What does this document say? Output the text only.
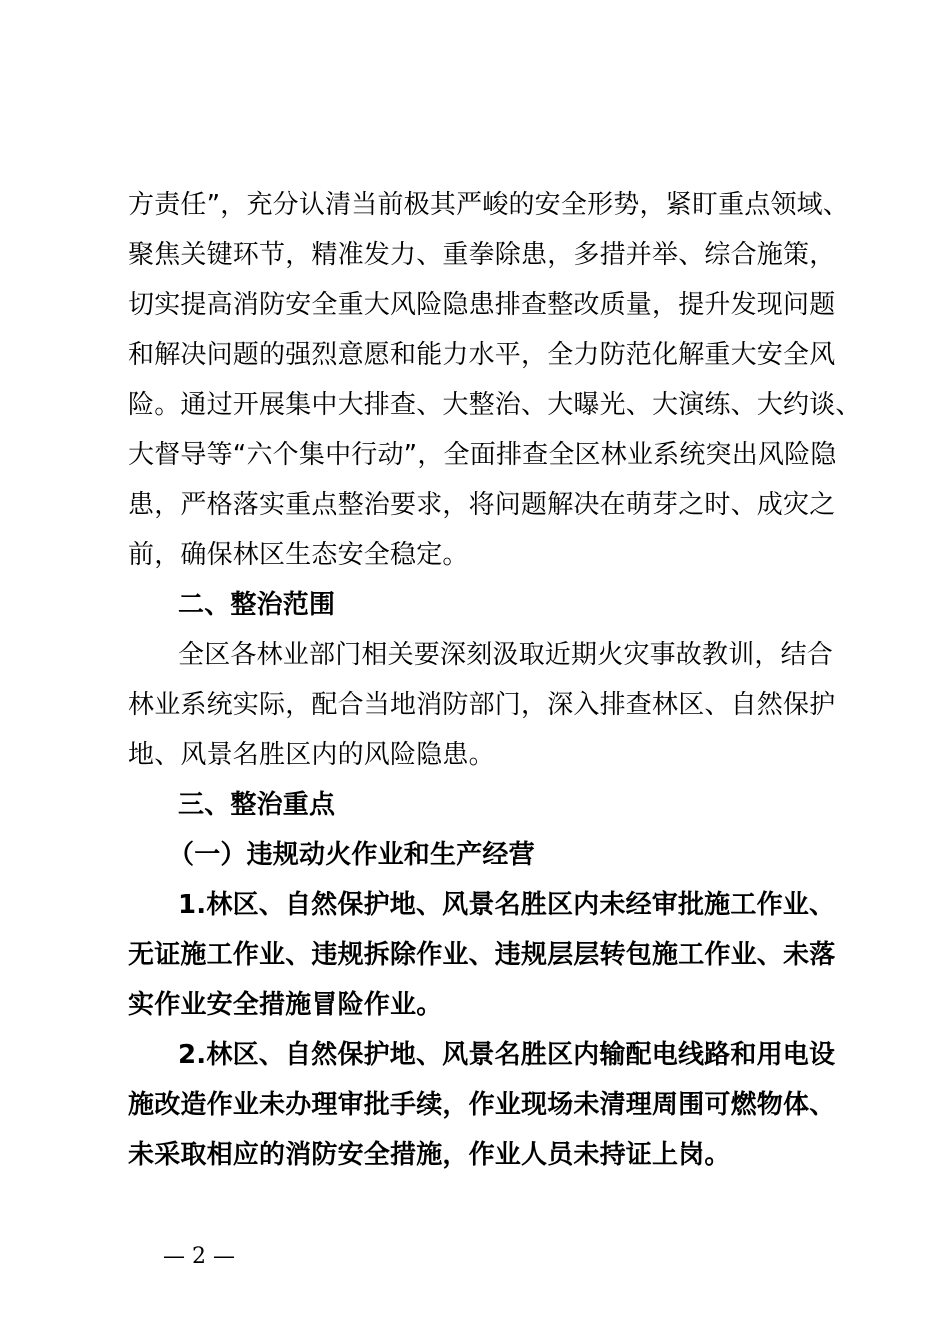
方责任”，充分认清当前极其严峻的安全形势，紧盯重点领域、
聚焦关键环节，精准发力、重拳除患，多措并举、综合施策，
切实提高消防安全重大风险隐患排查整改质量，提升发现问题
和解决问题的强烈意愿和能力水平，全力防范化解重大安全风
险。通过开展集中大排查、大整治、大曝光、大演练、大约谈、
大督导等“六个集中行动”，全面排查全区林业系统突出风险隐
患，严格落实重点整治要求，将问题解决在萌芽之时、成灾之
前，确保林区生态安全稳定。
二、整治范围
全区各林业部门相关要深刻汲取近期火灾事故教训，结合
林业系统实际，配合当地消防部门，深入排查林区、自然保护
地、风景名胜区内的风险隐患。
三、整治重点
（一）违规动火作业和生产经营
1.林区、自然保护地、风景名胜区内未经审批施工作业、
无证施工作业、违规拆除作业、违规层层转包施工作业、未落
实作业安全措施冒险作业。
2.林区、自然保护地、风景名胜区内输配电线路和用电设
施改造作业未办理审批手续，作业现场未清理周围可燃物体、
未采取相应的消防安全措施，作业人员未持证上岗。
— 2 —
